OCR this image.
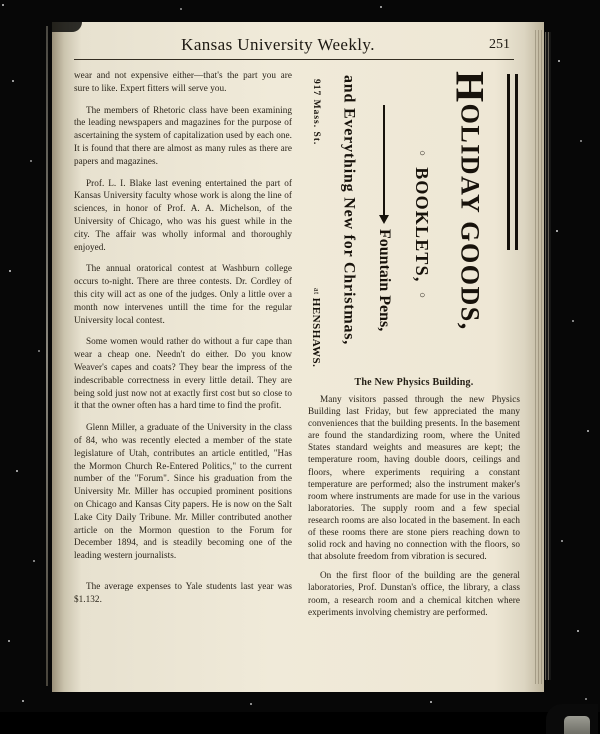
Kansas University Weekly.	251

wear and not expensive either—that's the part you are sure to like. Expert fitters will serve you.

The members of Rhetoric class have been examining the leading newspapers and magazines for the purpose of ascertaining the system of capitalization used by each one. It is found that there are almost as many rules as there are papers and magazines.

Prof. L. I. Blake last evening entertained the part of Kansas University faculty whose work is along the line of sciences, in honor of Prof. A. A. Michelson, of the University of Chicago, who was his guest while in the city. The affair was wholly informal and thoroughly enjoyed.

The annual oratorical contest at Washburn college occurs to-night. There are three contests. Dr. Cordley of this city will act as one of the judges. Only a little over a month now intervenes untill the time for the regular University local contest.

Some women would rather do without a fur cape than wear a cheap one. Needn't do either. Do you know Weaver's capes and coats? They bear the impress of the indescribable correctness in every little detail. They are being sold just now not at exactly first cost but so close to it that the owner often has a hard time to find the profit.

Glenn Miller, a graduate of the University in the class of 84, who was recently elected a member of the state legislature of Utah, contributes an article entitled, "Has the Mormon Church Re-Entered Politics," to the current number of the "Forum". Since his graduation from the University Mr. Miller has occupied prominent positions on Chicago and Kansas City papers. He is now on the Salt Lake City Daily Tribune. Mr. Miller contributed another article on the Mormon question to the Forum for December 1894, and is steadily becoming one of the leading western journalists.

The average expenses to Yale students last year was $1.132.

917 Mass. St.
atHENSHAWS. and Everything New for Christmas, Fountain Pens,
○BOOKLETS,○
HOLIDAY GOODS,
The New Physics Building.

Many visitors passed through the new Physics Building last Friday, but few appreciated the many conveniences that the building presents. In the basement are found the standardizing room, where the United States standard weights and measures are kept; the temperature room, having double doors, ceilings and floors, where experiments requiring a constant temperature are performed; also the instrument maker's room where instruments are made for use in the various laboratories. The supply room and a few special research rooms are also located in the basement. In each of these rooms there are stone piers reaching down to solid rock and having no connection with the floors, so that absolute freedom from vibration is secured.

On the first floor of the building are the general laboratories, Prof. Dunstan's office, the library, a class room, a research room and a chemical kitchen where experiments involving chemistry are performed.
